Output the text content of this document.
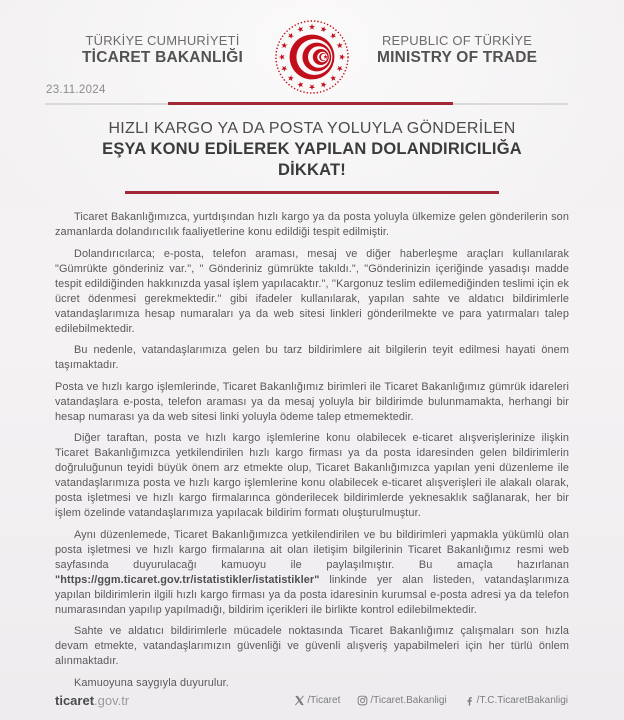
TÜRKİYE CUMHURİYETİ
TİCARET BAKANLIĞI
REPUBLIC OF TÜRKİYE
MINISTRY OF TRADE
23.11.2024
HIZLI KARGO YA DA POSTA YOLUYLA GÖNDERİLEN
EŞYA KONU EDİLEREK YAPILAN DOLANDIRICILIĞA
DİKKAT!

Ticaret Bakanlığımızca, yurtdışından hızlı kargo ya da posta yoluyla ülkemize gelen gönderilerin son zamanlarda dolandırıcılık faaliyetlerine konu edildiği tespit edilmiştir.

Dolandırıcılarca; e-posta, telefon araması, mesaj ve diğer haberleşme araçları kullanılarak "Gümrükte gönderiniz var.", " Gönderiniz gümrükte takıldı.", "Gönderinizin içeriğinde yasadışı madde tespit edildiğinden hakkınızda yasal işlem yapılacaktır.", ''Kargonuz teslim edilemediğinden teslimi için ek ücret ödenmesi gerekmektedir.'' gibi ifadeler kullanılarak, yapılan sahte ve aldatıcı bildirimlerle vatandaşlarımıza hesap numaraları ya da web sitesi linkleri gönderilmekte ve para yatırmaları talep edilebilmektedir.

Bu nedenle, vatandaşlarımıza gelen bu tarz bildirimlere ait bilgilerin teyit edilmesi hayati önem taşımaktadır.

Posta ve hızlı kargo işlemlerinde, Ticaret Bakanlığımız birimleri ile Ticaret Bakanlığımız gümrük idareleri vatandaşlara e-posta, telefon araması ya da mesaj yoluyla bir bildirimde bulunmamakta, herhangi bir hesap numarası ya da web sitesi linki yoluyla ödeme talep etmemektedir.

Diğer taraftan, posta ve hızlı kargo işlemlerine konu olabilecek e-ticaret alışverişlerinize ilişkin Ticaret Bakanlığımızca yetkilendirilen hızlı kargo firması ya da posta idaresinden gelen bildirimlerin doğruluğunun teyidi büyük önem arz etmekte olup, Ticaret Bakanlığımızca yapılan yeni düzenleme ile vatandaşlarımıza posta ve hızlı kargo işlemlerine konu olabilecek e-ticaret alışverişleri ile alakalı olarak, posta işletmesi ve hızlı kargo firmalarınca gönderilecek bildirimlerde yeknesaklık sağlanarak, her bir işlem özelinde vatandaşlarımıza yapılacak bildirim formatı oluşturulmuştur.

Aynı düzenlemede, Ticaret Bakanlığımızca yetkilendirilen ve bu bildirimleri yapmakla yükümlü olan posta işletmesi ve hızlı kargo firmalarına ait olan iletişim bilgilerinin Ticaret Bakanlığımız resmi web sayfasında duyurulacağı kamuoyu ile paylaşılmıştır. Bu amaçla hazırlanan "https://ggm.ticaret.gov.tr/istatistikler/istatistikler" linkinde yer alan listeden, vatandaşlarımıza yapılan bildirimlerin ilgili hızlı kargo firması ya da posta idaresinin kurumsal e-posta adresi ya da telefon numarasından yapılıp yapılmadığı, bildirim içerikleri ile birlikte kontrol edilebilmektedir.

Sahte ve aldatıcı bildirimlerle mücadele noktasında Ticaret Bakanlığımız çalışmaları son hızla devam etmekte, vatandaşlarımızın güvenliği ve güvenli alışveriş yapabilmeleri için her türlü önlem alınmaktadır.

Kamuoyuna saygıyla duyurulur.

ticaret.gov.tr	/Ticaret	/Ticaret.Bakanligi	/T.C.TicaretBakanligi
